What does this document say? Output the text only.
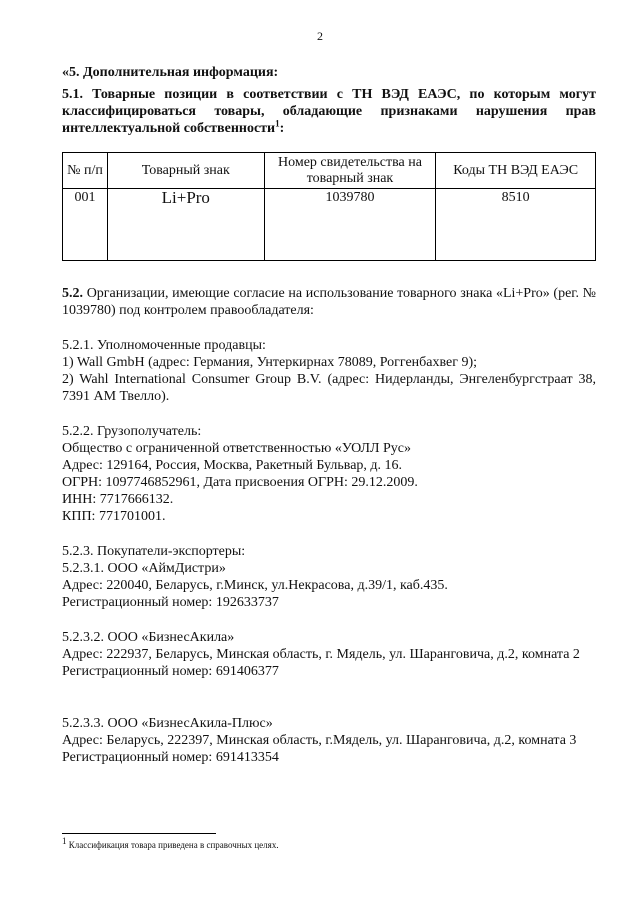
2
«5. Дополнительная информация:
5.1. Товарные позиции в соответствии с ТН ВЭД ЕАЭС, по которым могут классифицироваться товары, обладающие признаками нарушения прав интеллектуальной собственности$^1$:
№ п/п	Товарный знак	Номер свидетельства на товарный знак	Коды ТН ВЭД ЕАЭС
001	Li+Pro	1039780	8510
5.2. Организации, имеющие согласие на использование товарного знака «Li+Pro» (рег. № 1039780) под контролем правообладателя:
5.2.1. Уполномоченные продавцы:
1) Wall GmbH (адрес: Германия, Унтеркирнах 78089, Роггенбахвег 9);
2) Wahl International Consumer Group B.V. (адрес: Нидерланды, Энгеленбургстраат 38, 7391 AM Твелло).
5.2.2. Грузополучатель:
Общество с ограниченной ответственностью «УОЛЛ Рус»
Адрес: 129164, Россия, Москва, Ракетный Бульвар, д. 16.
ОГРН: 1097746852961, Дата присвоения ОГРН: 29.12.2009.
ИНН: 7717666132.
КПП: 771701001.
5.2.3. Покупатели-экспортеры:
5.2.3.1. ООО «АймДистри»
Адрес: 220040, Беларусь, г.Минск, ул.Некрасова, д.39/1, каб.435.
Регистрационный номер: 192633737
5.2.3.2. ООО «БизнесАкила»
Адрес: 222937, Беларусь, Минская область, г. Мядель, ул. Шаранговича, д.2, комната 2
Регистрационный номер: 691406377
5.2.3.3. ООО «БизнесАкила-Плюс»
Адрес: Беларусь, 222397, Минская область, г.Мядель, ул. Шаранговича, д.2, комната 3
Регистрационный номер: 691413354
1 Классификация товара приведена в справочных целях.
